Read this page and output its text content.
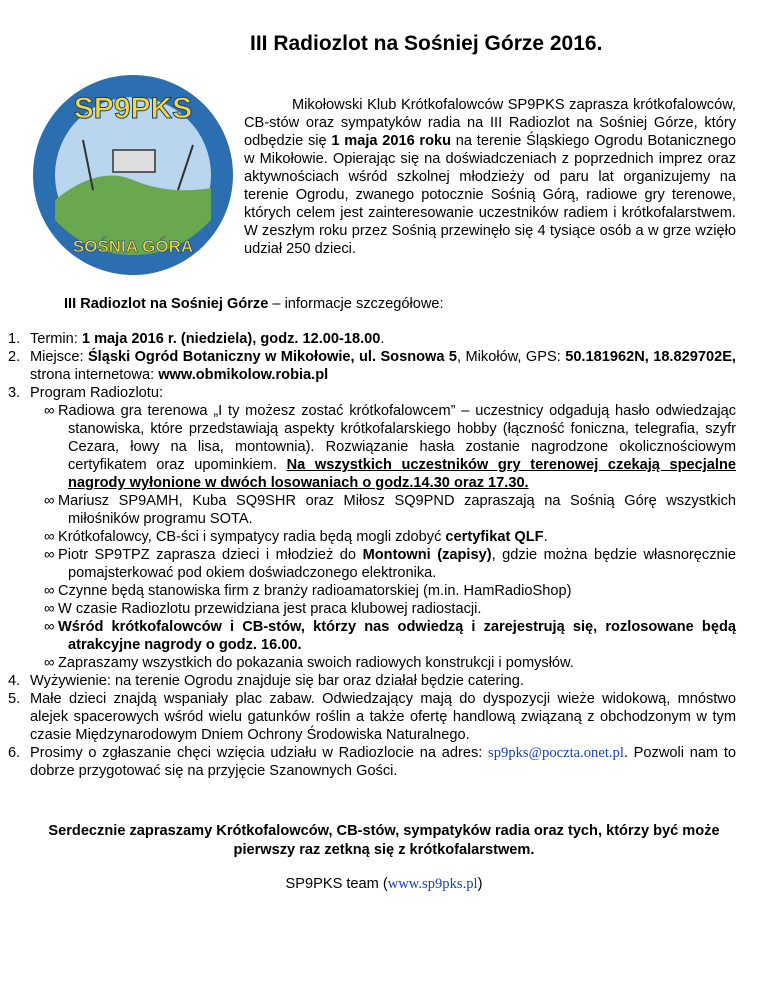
III Radiozlot na Sośniej Górze 2016.
SP9PKS
SOŚNIA GÓRA

Mikołowski Klub Krótkofalowców SP9PKS zaprasza krótkofalowców, CB-stów oraz sympatyków radia na III Radiozlot na Sośniej Górze, który odbędzie się 1 maja 2016 roku na terenie Śląskiego Ogrodu Botanicznego w Mikołowie. Opierając się na doświadczeniach z poprzednich imprez oraz aktywnościach wśród szkolnej młodzieży od paru lat organizujemy na terenie Ogrodu, zwanego potocznie Sośnią Górą, radiowe gry terenowe, których celem jest zainteresowanie uczestników radiem i krótkofalarstwem. W zeszłym roku przez Sośnią przewinęło się 4 tysiące osób a w grze wzięło udział 250 dzieci.

III Radiozlot na Sośniej Górze – informacje szczegółowe:

1. Termin: 1 maja 2016 r. (niedziela), godz. 12.00-18.00.
2. Miejsce: Śląski Ogród Botaniczny w Mikołowie, ul. Sosnowa 5, Mikołów, GPS: 50.181962N, 18.829702E, strona internetowa: www.obmikolow.robia.pl
3. Program Radiozlotu:
∞ Radiowa gra terenowa „I ty możesz zostać krótkofalowcem” – uczestnicy odgadują hasło odwiedzając stanowiska, które przedstawiają aspekty krótkofalarskiego hobby (łączność foniczna, telegrafia, szyfr Cezara, łowy na lisa, montownia). Rozwiązanie hasła zostanie nagrodzone okolicznościowym certyfikatem oraz upominkiem. Na wszystkich uczestników gry terenowej czekają specjalne nagrody wyłonione w dwóch losowaniach o godz.14.30 oraz 17.30.
∞ Mariusz SP9AMH, Kuba SQ9SHR oraz Miłosz SQ9PND zapraszają na Sośnią Górę wszystkich miłośników programu SOTA.
∞ Krótkofalowcy, CB-ści i sympatycy radia będą mogli zdobyć certyfikat QLF.
∞ Piotr SP9TPZ zaprasza dzieci i młodzież do Montowni (zapisy), gdzie można będzie własnoręcznie pomajsterkować pod okiem doświadczonego elektronika.
∞ Czynne będą stanowiska firm z branży radioamatorskiej (m.in. HamRadioShop)
∞ W czasie Radiozlotu przewidziana jest praca klubowej radiostacji.
∞ Wśród krótkofalowców i CB-stów, którzy nas odwiedzą i zarejestrują się, rozlosowane będą atrakcyjne nagrody o godz. 16.00.
∞ Zapraszamy wszystkich do pokazania swoich radiowych konstrukcji i pomysłów.
4. Wyżywienie: na terenie Ogrodu znajduje się bar oraz działał będzie catering.
5. Małe dzieci znajdą wspaniały plac zabaw. Odwiedzający mają do dyspozycji wieże widokową, mnóstwo alejek spacerowych wśród wielu gatunków roślin a także ofertę handlową związaną z obchodzonym w tym czasie Międzynarodowym Dniem Ochrony Środowiska Naturalnego.
6. Prosimy o zgłaszanie chęci wzięcia udziału w Radiozlocie na adres: sp9pks@poczta.onet.pl. Pozwoli nam to dobrze przygotować się na przyjęcie Szanownych Gości.

Serdecznie zapraszamy Krótkofalowców, CB-stów, sympatyków radia oraz tych, którzy być może pierwszy raz zetkną się z krótkofalarstwem.

SP9PKS team (www.sp9pks.pl)
